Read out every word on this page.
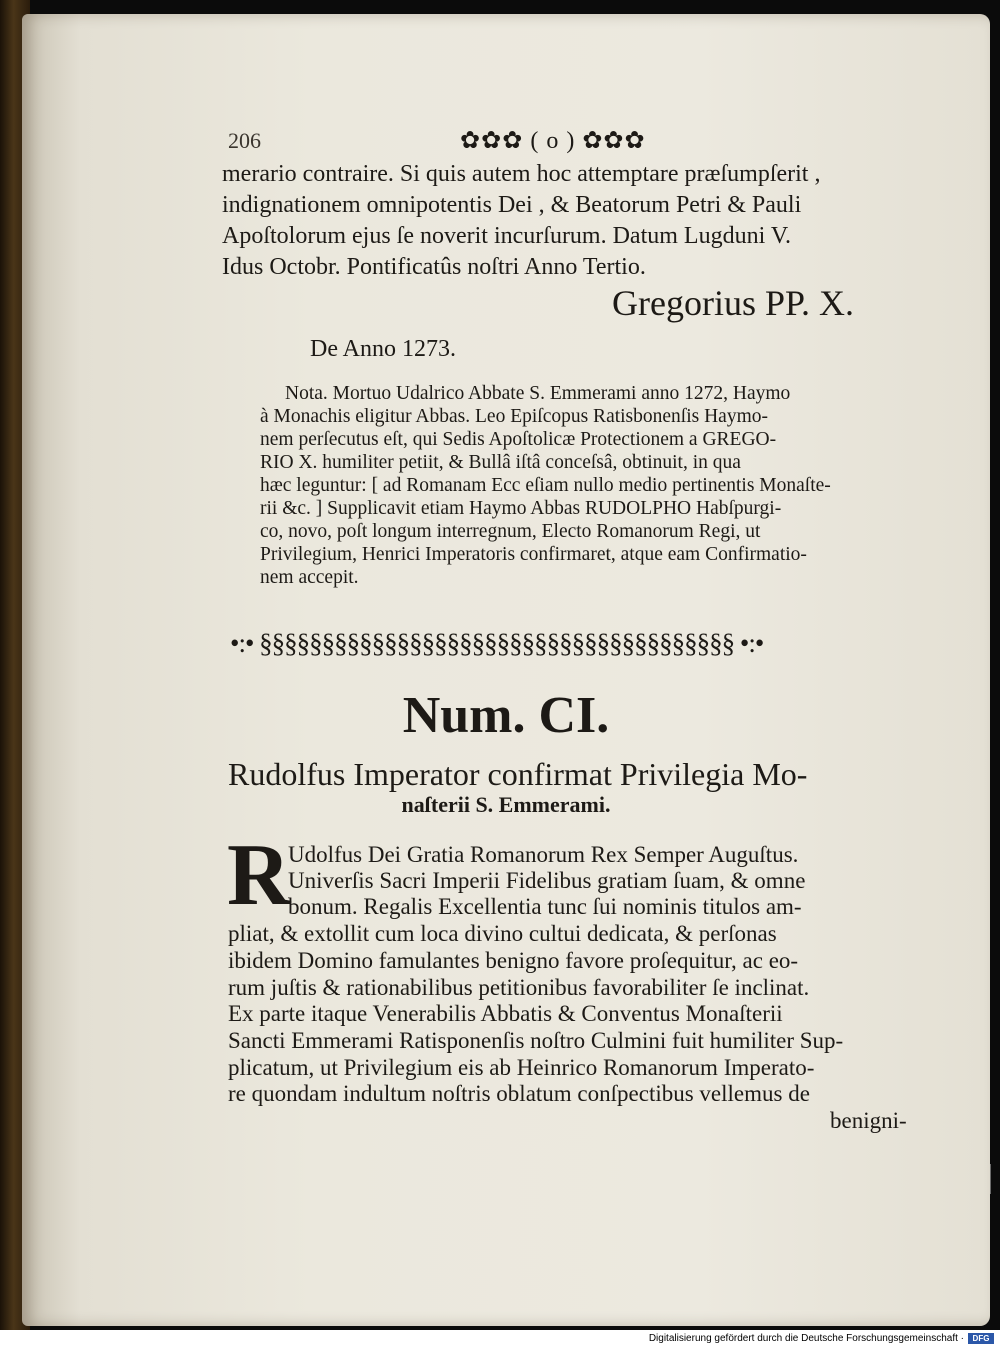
206	✿✿✿ ( o ) ✿✿✿
merario contraire. Si quis autem hoc attemptare præſumpſerit ,
indignationem omnipotentis Dei , & Beatorum Petri & Pauli
Apoſtolorum ejus ſe noverit incurſurum. Datum Lugduni V.
Idus Octobr. Pontificatûs noſtri Anno Tertio.
Gregorius PP. X.
De Anno 1273.
Nota. Mortuo Udalrico Abbate S. Emmerami anno 1272, Haymo
à Monachis eligitur Abbas. Leo Epiſcopus Ratisbonenſis Haymo-
nem perſecutus eſt, qui Sedis Apoſtolicæ Protectionem a GREGO-
RIO X. humiliter petiit, & Bullâ iſtâ conceſsâ, obtinuit, in qua
hæc leguntur: [ ad Romanam Ecc eſiam nullo medio pertinentis Monaſte-
rii &c. ] Supplicavit etiam Haymo Abbas RUDOLPHO Habſpurgi-
co, novo, poſt longum interregnum, Electo Romanorum Regi, ut
Privilegium, Henrici Imperatoris confirmaret, atque eam Confirmatio-
nem accepit.
•:• §§§§§§§§§§§§§§§§§§§§§§§§§§§§§§§§§§§§§§ •:•
Num. CI.
Rudolfus Imperator confirmat Privilegia Mo-
naſterii S. Emmerami.
R
Udolfus Dei Gratia Romanorum Rex Semper Auguſtus.
Univerſis Sacri Imperii Fidelibus gratiam ſuam, & omne
bonum. Regalis Excellentia tunc ſui nominis titulos am-
pliat, & extollit cum loca divino cultui dedicata, & perſonas
ibidem Domino famulantes benigno favore proſequitur, ac eo-
rum juſtis & rationabilibus petitionibus favorabiliter ſe inclinat.
Ex parte itaque Venerabilis Abbatis & Conventus Monaſterii
Sancti Emmerami Ratisponenſis noſtro Culmini fuit humiliter Sup-
plicatum, ut Privilegium eis ab Heinrico Romanorum Imperato-
re quondam indultum noſtris oblatum conſpectibus vellemus de
benigni-
Digitalisierung gefördert durch die Deutsche Forschungsgemeinschaft ·	DFG
